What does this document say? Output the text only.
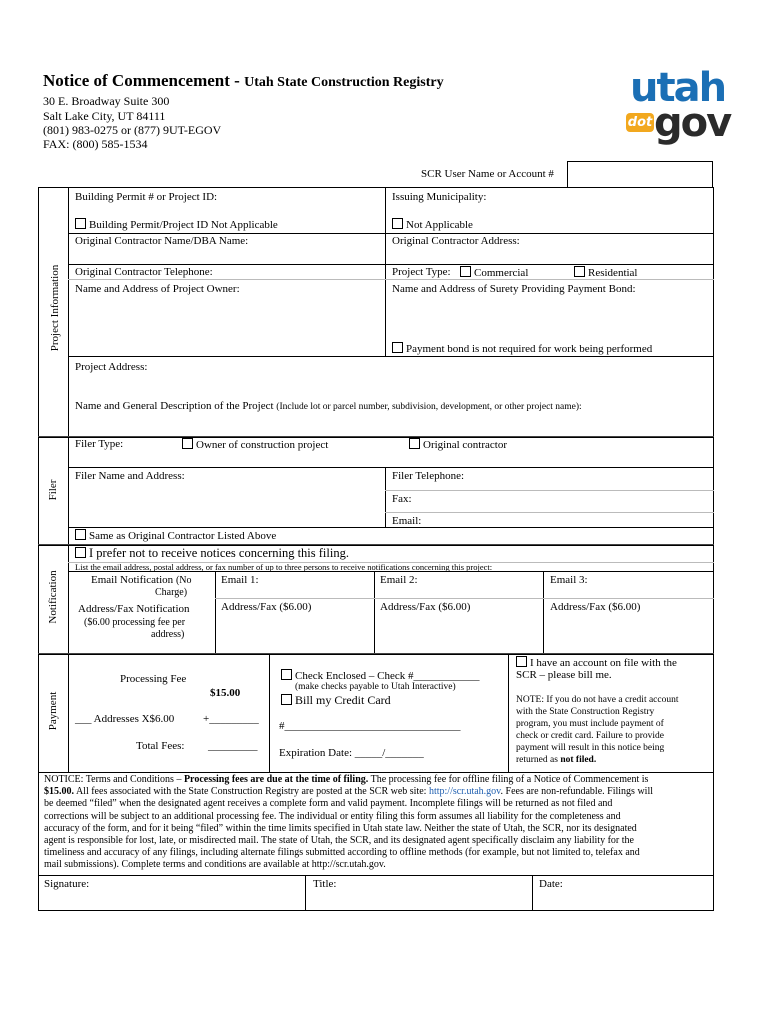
Notice of Commencement - Utah State Construction Registry
30 E. Broadway Suite 300
Salt Lake City, UT 84111
(801) 983-0275 or (877) 9UT-EGOV
FAX: (800) 585-1534
utah
dot gov
SCR User Name or Account #
Project Information
Building Permit # or Project ID:	Issuing Municipality:
Building Permit/Project ID Not Applicable	Not Applicable
Original Contractor Name/DBA Name:	Original Contractor Address:
Original Contractor Telephone:	Project Type:	Commercial	Residential
Name and Address of Project Owner:	Name and Address of Surety Providing Payment Bond:
Payment bond is not required for work being performed
Project Address:
Name and General Description of the Project (Include lot or parcel number, subdivision, development, or other project name):
Filer
Filer Type:	Owner of construction project	Original contractor
Filer Name and Address:	Filer Telephone:
Fax:
Email:
Same as Original Contractor Listed Above
Notification
I prefer not to receive notices concerning this filing.
List the email address, postal address, or fax number of up to three persons to receive notifications concerning this project:
Email Notification (No
Charge)
Email 1:	Email 2:	Email 3:
Address/Fax Notification
($6.00 processing fee per
address)
Address/Fax ($6.00)	Address/Fax ($6.00)	Address/Fax ($6.00)
Payment
Processing Fee
$15.00
___ Addresses X$6.00	+_________
Total Fees: _________
Check Enclosed – Check #____________
(make checks payable to Utah Interactive)
Bill my Credit Card
#________________________________
Expiration Date: _____/_______
I have an account on file with the
SCR – please bill me.
NOTE: If you do not have a credit account
with the State Construction Registry
program, you must include payment of
check or credit card. Failure to provide
payment will result in this notice being
returned as not filed.
NOTICE: Terms and Conditions – Processing fees are due at the time of filing. The processing fee for offline filing of a Notice of Commencement is
$15.00. All fees associated with the State Construction Registry are posted at the SCR web site: http://scr.utah.gov. Fees are non-refundable. Filings will
be deemed “filed” when the designated agent receives a complete form and valid payment. Incomplete filings will be returned as not filed and
corrections will be subject to an additional processing fee. The individual or entity filing this form assumes all liability for the completeness and
accuracy of the form, and for it being “filed” within the time limits specified in Utah state law. Neither the state of Utah, the SCR, nor its designated
agent is responsible for lost, late, or misdirected mail. The state of Utah, the SCR, and its designated agent specifically disclaim any liability for the
timeliness and accuracy of any filings, including alternate filings submitted according to offline methods (for example, but not limited to, telefax and
mail submissions). Complete terms and conditions are available at http://scr.utah.gov.
Signature:	Title:	Date:
